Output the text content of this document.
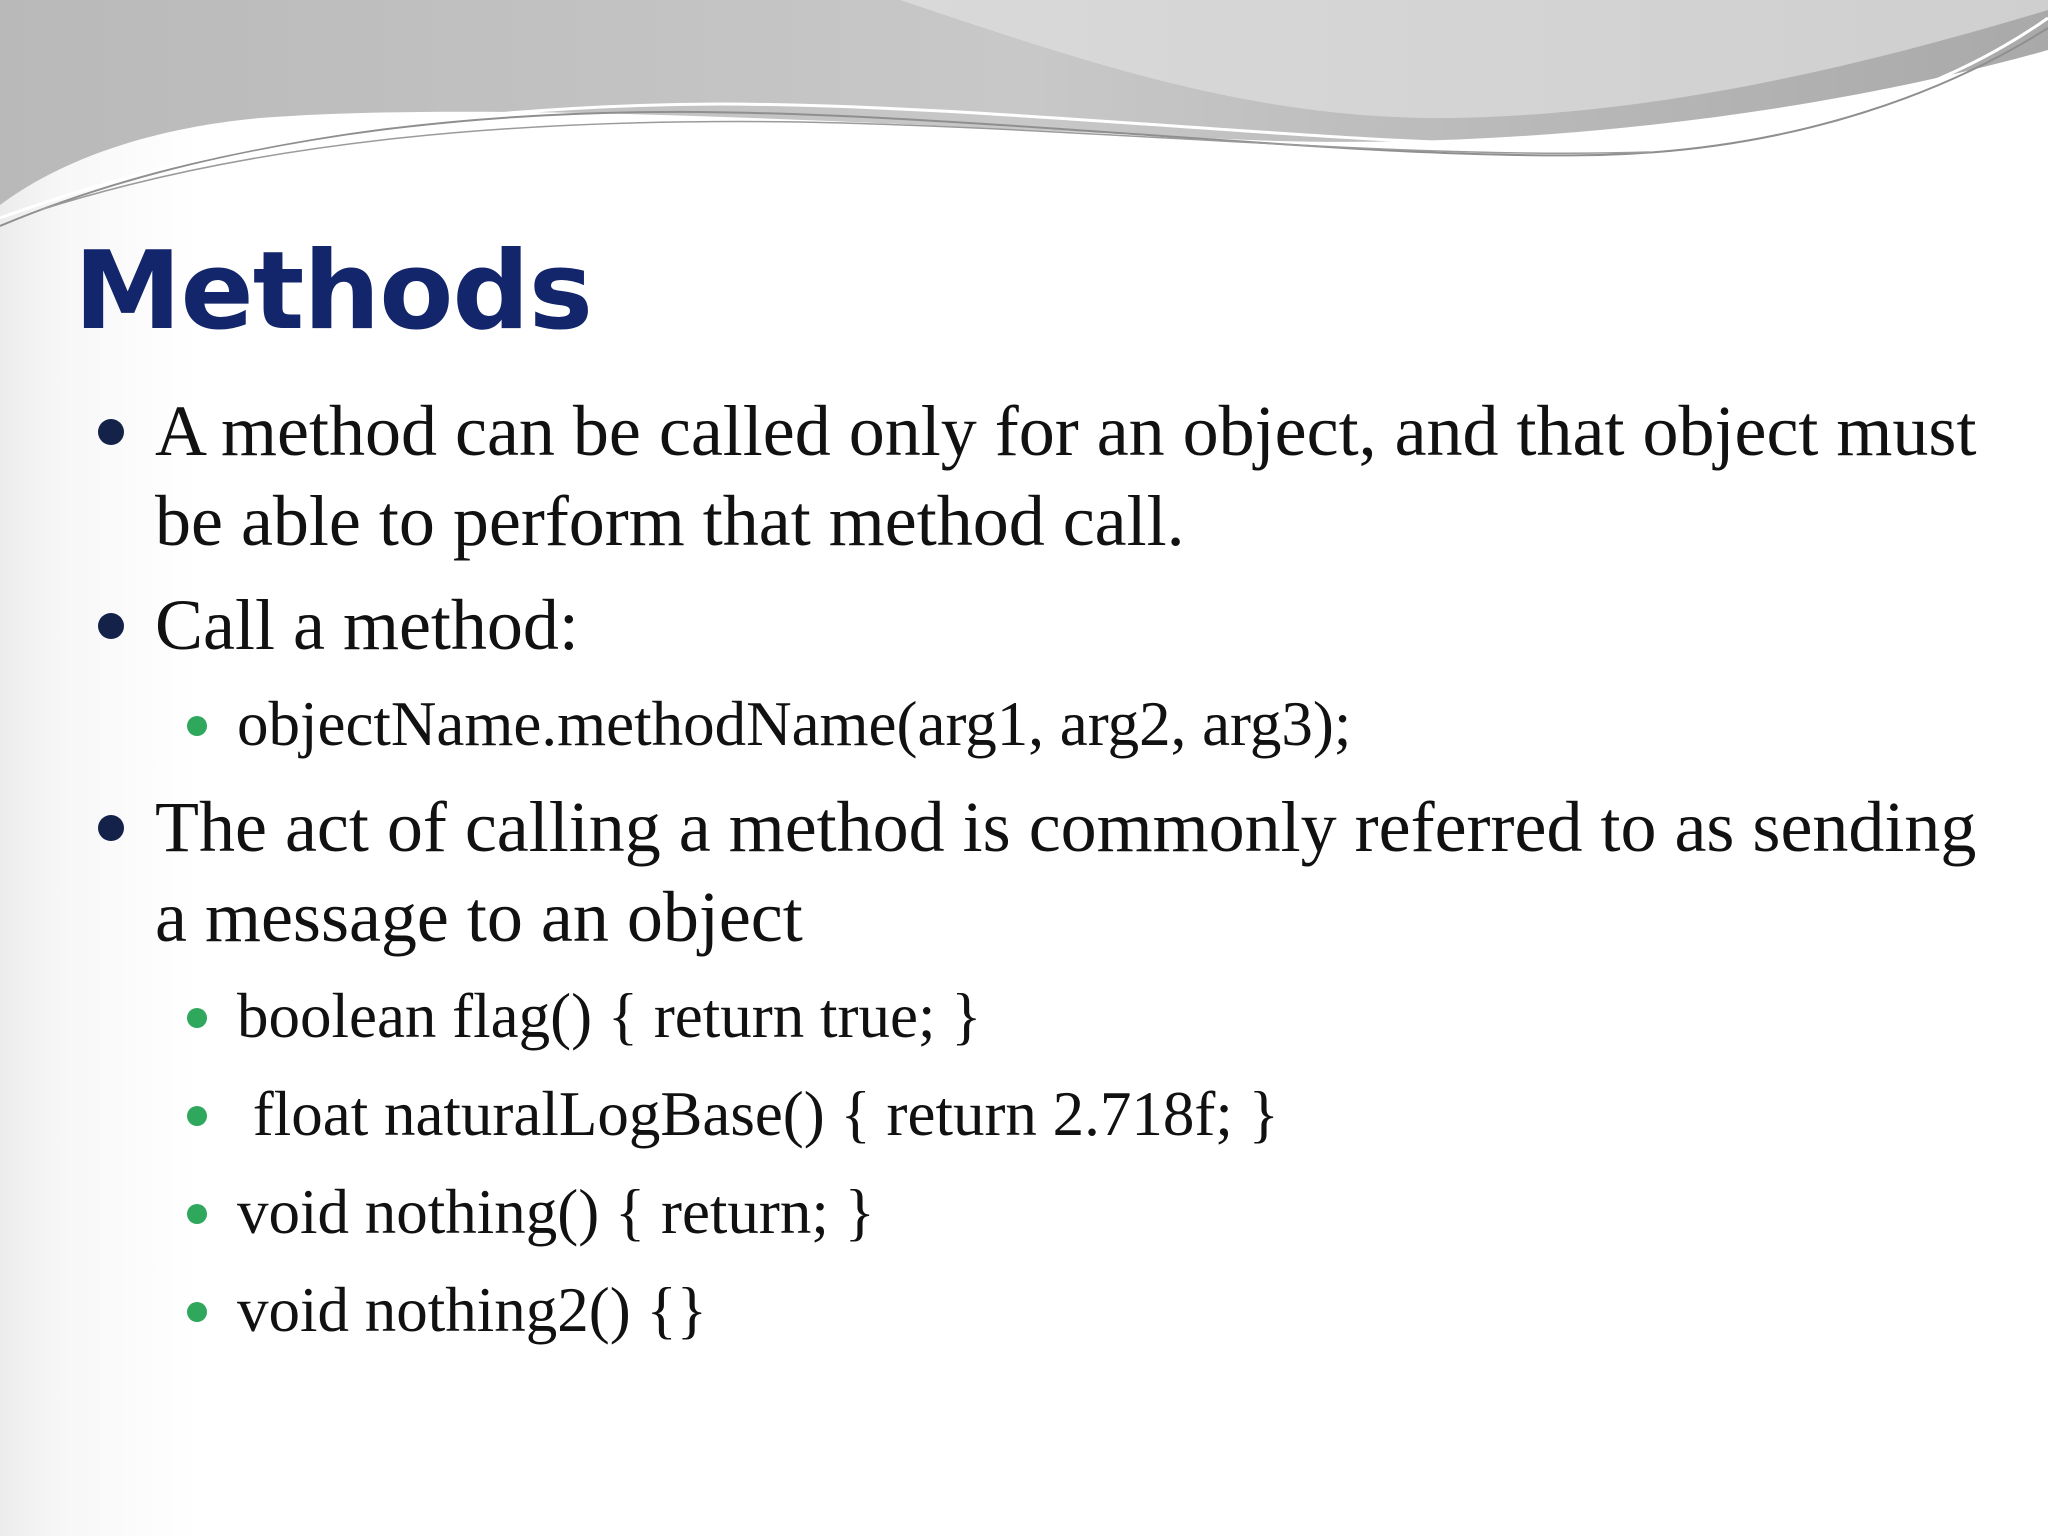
Methods
A method can be called only for an object, and that object must be able to perform that method call.
Call a method:
objectName.methodName(arg1, arg2, arg3);
The act of calling a method is commonly referred to as sending a message to an object
boolean flag() { return true; }
float naturalLogBase() { return 2.718f; }
void nothing() { return; }
void nothing2() {}
